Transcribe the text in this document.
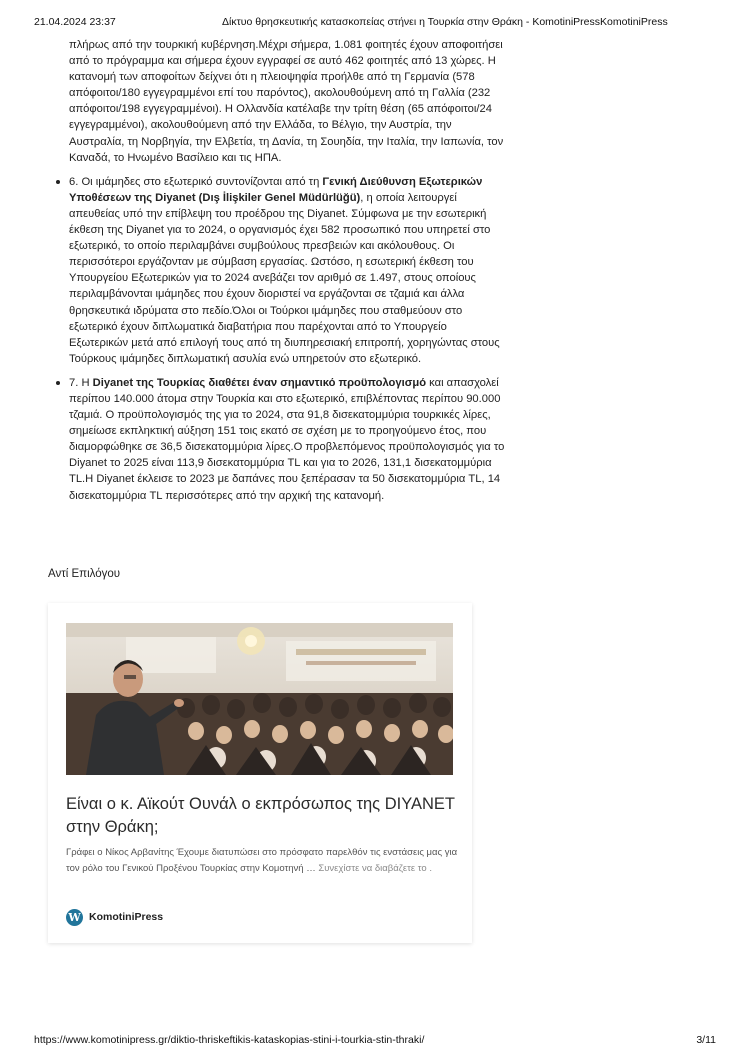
21.04.2024 23:37	Δίκτυο θρησκευτικής κατασκοπείας στήνει η Τουρκία στην Θράκη - KomotiniPressKomotiniPress

πλήρως από την τουρκική κυβέρνηση.Μέχρι σήμερα, 1.081 φοιτητές έχουν αποφοιτήσει από το πρόγραμμα και σήμερα έχουν εγγραφεί σε αυτό 462 φοιτητές από 13 χώρες. Η κατανομή των αποφοίτων δείχνει ότι η πλειοψηφία προήλθε από τη Γερμανία (578 απόφοιτοι/180 εγγεγραμμένοι επί του παρόντος), ακολουθούμενη από τη Γαλλία (232 απόφοιτοι/198 εγγεγραμμένοι). Η Ολλανδία κατέλαβε την τρίτη θέση (65 απόφοιτοι/24 εγγεγραμμένοι), ακολουθούμενη από την Ελλάδα, το Βέλγιο, την Αυστρία, την Αυστραλία, τη Νορβηγία, την Ελβετία, τη Δανία, τη Σουηδία, την Ιταλία, την Ιαπωνία, τον Καναδά, το Ηνωμένο Βασίλειο και τις ΗΠΑ.

6. Οι ιμάμηδες στο εξωτερικό συντονίζονται από τη Γενική Διεύθυνση Εξωτερικών Υποθέσεων της Diyanet (Dış İlişkiler Genel Müdürlüğü), η οποία λειτουργεί απευθείας υπό την επίβλεψη του προέδρου της Diyanet. Σύμφωνα με την εσωτερική έκθεση της Diyanet για το 2024, ο οργανισμός έχει 582 προσωπικό που υπηρετεί στο εξωτερικό, το οποίο περιλαμβάνει συμβούλους πρεσβειών και ακόλουθους. Οι περισσότεροι εργάζονταν με σύμβαση εργασίας. Ωστόσο, η εσωτερική έκθεση του Υπουργείου Εξωτερικών για το 2024 ανεβάζει τον αριθμό σε 1.497, στους οποίους περιλαμβάνονται ιμάμηδες που έχουν διοριστεί να εργάζονται σε τζαμιά και άλλα θρησκευτικά ιδρύματα στο πεδίο.Όλοι οι Τούρκοι ιμάμηδες που σταθμεύουν στο εξωτερικό έχουν διπλωματικά διαβατήρια που παρέχονται από το Υπουργείο Εξωτερικών μετά από επιλογή τους από τη διυπηρεσιακή επιτροπή, χορηγώντας στους Τούρκους ιμάμηδες διπλωματική ασυλία ενώ υπηρετούν στο εξωτερικό.
7. Η Diyanet της Τουρκίας διαθέτει έναν σημαντικό προϋπολογισμό και απασχολεί περίπου 140.000 άτομα στην Τουρκία και στο εξωτερικό, επιβλέποντας περίπου 90.000 τζαμιά. Ο προϋπολογισμός της για το 2024, στα 91,8 δισεκατομμύρια τουρκικές λίρες, σημείωσε εκπληκτική αύξηση 151 τοις εκατό σε σχέση με το προηγούμενο έτος, που διαμορφώθηκε σε 36,5 δισεκατομμύρια λίρες.Ο προβλεπόμενος προϋπολογισμός για το Diyanet το 2025 είναι 113,9 δισεκατομμύρια TL και για το 2026, 131,1 δισεκατομμύρια TL.Η Diyanet έκλεισε το 2023 με δαπάνες που ξεπέρασαν τα 50 δισεκατομμύρια TL, 14 δισεκατομμύρια TL περισσότερες από την αρχική της κατανομή.
Αντί Επιλόγου
Είναι ο κ. Αϊκούτ Ουνάλ ο εκπρόσωπος της DIYANET στην Θράκη;
Γράφει ο Νίκος Αρβανίτης Έχουμε διατυπώσει στο πρόσφατο παρελθόν τις ενστάσεις μας για τον ρόλο του Γενικού Προξένου Τουρκίας στην Κομοτηνή … Συνεχίστε να διαβάζετε το .
W KomotiniPress
https://www.komotinipress.gr/diktio-thriskeftikis-kataskopias-stini-i-tourkia-stin-thraki/	3/11
